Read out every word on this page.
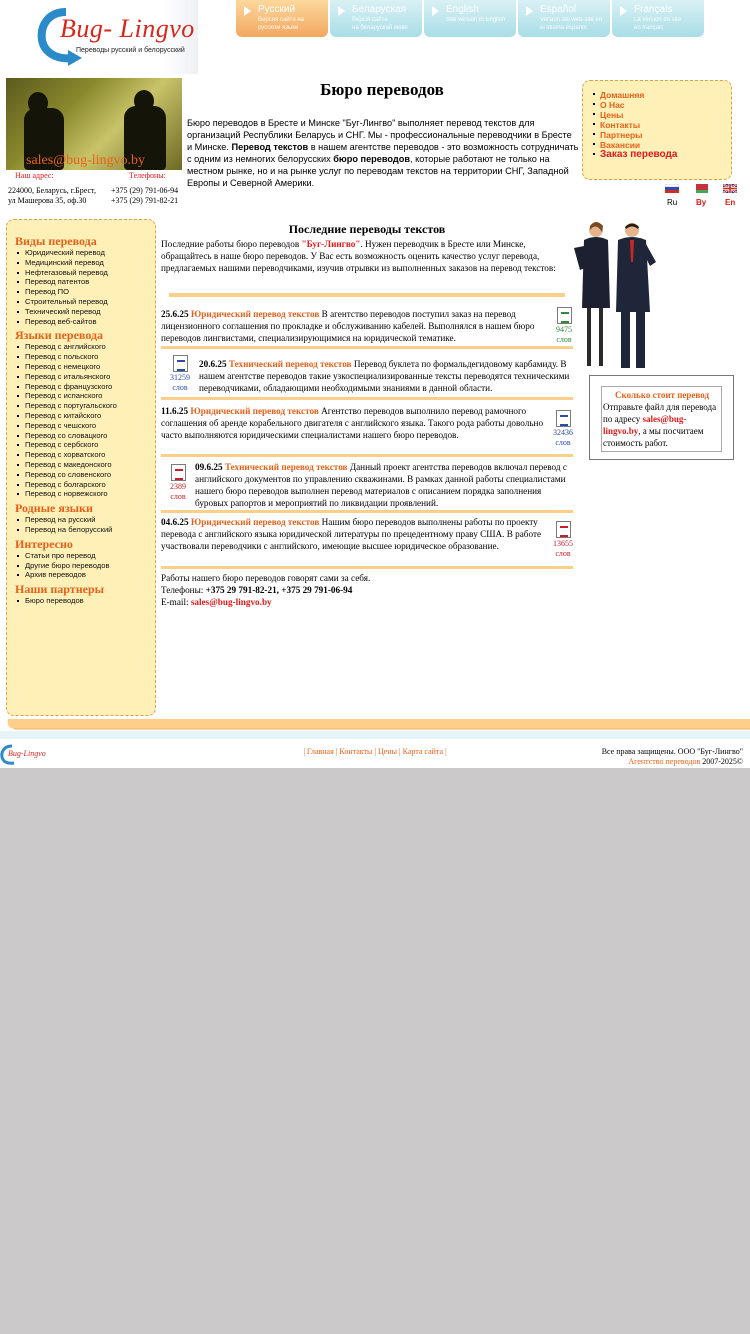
Bug- Lingvo
Переводы русский и белорусский
Русский
Версия сайта на
русском языке
Беларуская
Версія сайта
на беларускай мове
English
Site version in English
Español
Versión del web-site en
el idioma español
Français
La version du site
en français
sales@bug-lingvo.by
Наш адрес:	Телефоны:
224000, Беларусь, г.Брест,
ул Машерова 35, оф.30
+375 (29) 791-06-94
+375 (29) 791-82-21
Бюро переводов
Бюро переводов в Бресте и Минске "Буг-Лингво" выполняет перевод текстов для организаций Республики Беларусь и СНГ. Мы - профессиональные переводчики в Бресте и Минске. Перевод текстов в нашем агентстве переводов - это возможность сотрудничать с одним из немногих белорусских бюро переводов, которые работают не только на местном рынке, но и на рынке услуг по переводам текстов на территории СНГ, Западной Европы и Северной Америки.
Домашняя
О Нас
Цены
Контакты
Партнеры
Вакансии
Заказ перевода
Ru By En
Виды перевода
Юридический перевод
Медицинский перевод
Нефтегазовый перевод
Перевод патентов
Перевод ПО
Строительный перевод
Технический перевод
Перевод веб-сайтов
Языки перевода
Перевод с английского
Перевод с польского
Перевод с немецкого
Перевод с итальянского
Перевод с французского
Перевод с испанского
Перевод с португальского
Перевод с китайского
Перевод с чешского
Перевод со словацкого
Перевод с сербского
Перевод с хорватского
Перевод с македонского
Перевод со словенского
Перевод с болгарского
Перевод с норвежского
Родные языки
Перевод на русский
Перевод на белорусский
Интересно
Статьи про перевод
Другие бюро переводов
Архив переводов
Наши партнеры
Бюро переводов
Последние переводы текстов
Последние работы бюро переводов "Буг-Лингво". Нужен переводчик в Бресте или Минске, обращайтесь в наше бюро переводов. У Вас есть возможность оценить качество услуг перевода, предлагаемых нашими переводчиками, изучив отрывки из выполненных заказов на перевод текстов:
25.6.25 Юридический перевод текстов В агентство переводов поступил заказ на перевод лицензионного соглашения по прокладке и обслуживанию кабелей. Выполнялся в нашем бюро переводов лингвистами, специализирующимися на юридической тематике.
9475
слов
20.6.25 Технический перевод текстов Перевод буклета по формальдегидовому карбамиду. В нашем агентстве переводов такие узкоспециализированные тексты переводятся техническими переводчиками, обладающими необходимыми знаниями в данной области.
31259
слов
11.6.25 Юридический перевод текстов Агентство переводов выполнило перевод рамочного соглашения об аренде корабельного двигателя с английского языка. Такого рода работы довольно часто выполняются юридическими специалистами нашего бюро переводов.	32436
слов
09.6.25 Технический перевод текстов Данный проект агентства переводов включал перевод с английского документов по управлению скважинами. В рамках данной работы специалистами нашего бюро переводов выполнен перевод материалов с описанием порядка заполнения буровых рапортов и мероприятий по ликвидации проявлений.
2389
слов
04.6.25 Юридический перевод текстов Нашим бюро переводов выполнены работы по проекту перевода с английского языка юридической литературы по прецедентному праву США. В работе участвовали переводчики с английского, имеющие высшее юридическое образование.	13655
слов
Работы нашего бюро переводов говорят сами за себя.
Телефоны: +375 29 791-82-21, +375 29 791-06-94
E-mail: sales@bug-lingvo.by
Сколько стоит перевод
Отправьте файл для перевода по адресу sales@bug-lingvo.by, а мы посчитаем стоимость работ.
Bug-Lingvo	| Главная | Контакты | Цены | Карта сайта |	Все права защищены. ООО "Буг-Лингво"
Агентство переводов 2007-2025©
